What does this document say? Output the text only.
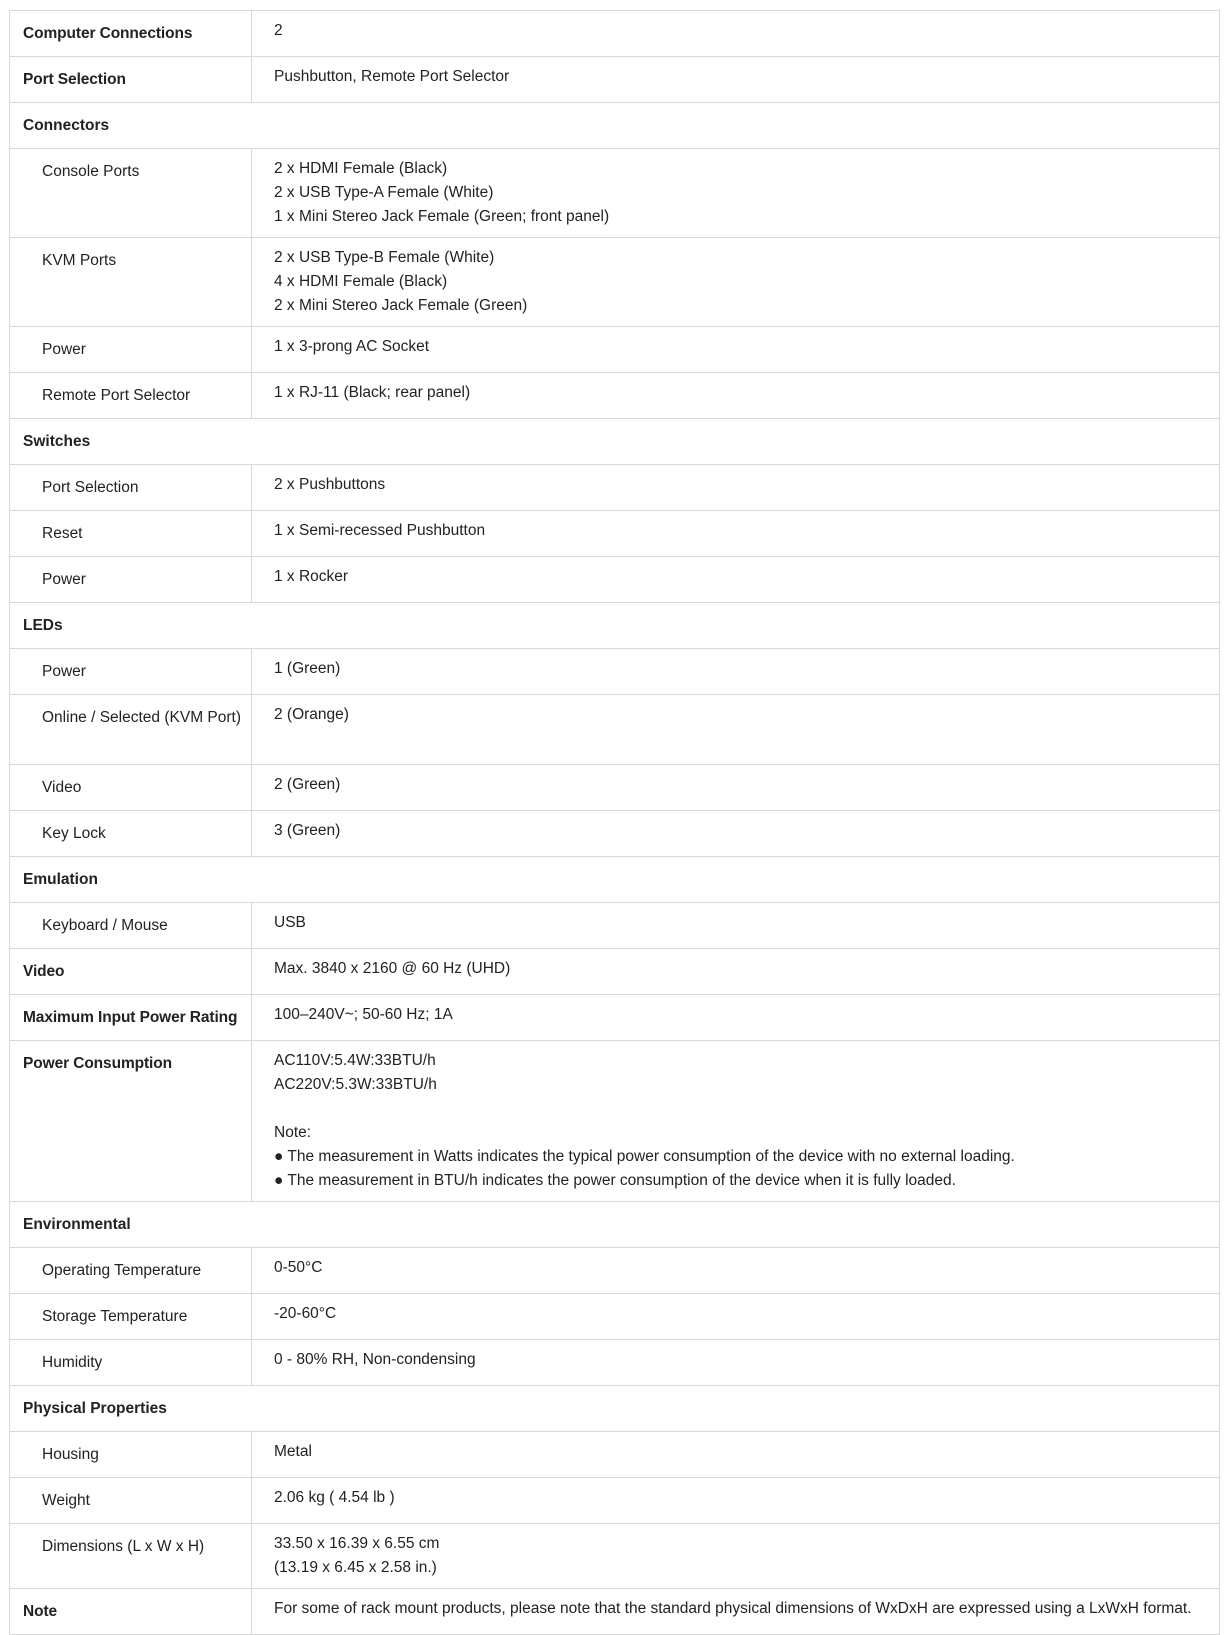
Computer Connections	2

Port Selection	Pushbutton, Remote Port Selector

Connectors	
Console Ports	2 x HDMI Female (Black)
2 x USB Type-A Female (White)
1 x Mini Stereo Jack Female (Green; front panel)

KVM Ports	2 x USB Type-B Female (White)
4 x HDMI Female (Black)
2 x Mini Stereo Jack Female (Green)

Power	1 x 3-prong AC Socket

Remote Port Selector	1 x RJ-11 (Black; rear panel)

Switches	
Port Selection	2 x Pushbuttons

Reset	1 x Semi-recessed Pushbutton

Power	1 x Rocker

LEDs	
Power	1 (Green)

Online / Selected (KVM Port)	2 (Orange)

Video	2 (Green)

Key Lock	3 (Green)

Emulation	
Keyboard / Mouse	USB

Video	Max. 3840 x 2160 @ 60 Hz (UHD)

Maximum Input Power Rating	100–240V~; 50-60 Hz; 1A

Power Consumption	AC110V:5.4W:33BTU/h
AC220V:5.3W:33BTU/h
Note:
● The measurement in Watts indicates the typical power consumption of the device with no external loading.
● The measurement in BTU/h indicates the power consumption of the device when it is fully loaded.

Environmental	
Operating Temperature	0-50°C

Storage Temperature	-20-60°C

Humidity	0 - 80% RH, Non-condensing

Physical Properties	
Housing	Metal

Weight	2.06 kg ( 4.54 lb )

Dimensions (L x W x H)	33.50 x 16.39 x 6.55 cm
(13.19 x 6.45 x 2.58 in.)

Note	For some of rack mount products, please note that the standard physical dimensions of WxDxH are expressed using a LxWxH format.
